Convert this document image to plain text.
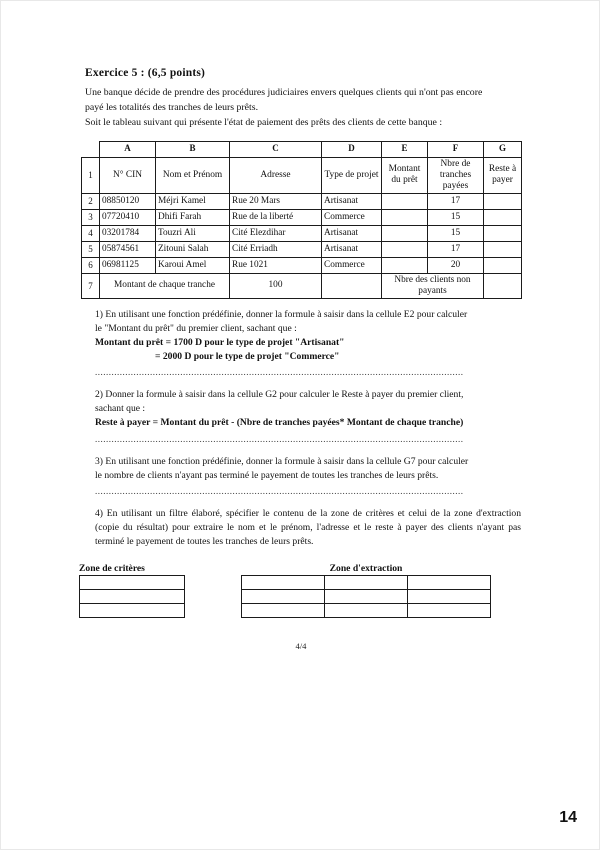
Exercice 5 : (6,5 points)
Une banque décide de prendre des procédures judiciaires envers quelques clients qui n'ont pas encore
payé les totalités des tranches de leurs prêts.
Soit le tableau suivant qui présente l'état de paiement des prêts des clients de cette banque :
	A	B	C	D	E	F	G
1	N° CIN	Nom et Prénom	Adresse	Type de projet	Montant du prêt	Nbre de tranches payées	Reste à payer
2	08850120	Méjri Kamel	Rue 20 Mars	Artisanat		17	
3	07720410	Dhifi Farah	Rue de la liberté	Commerce		15	
4	03201784	Touzri Ali	Cité Elezdihar	Artisanat		15	
5	05874561	Zitouni Salah	Cité Erriadh	Artisanat		17	
6	06981125	Karoui Amel	Rue 1021	Commerce		20	
7	Montant de chaque tranche		100		Nbre des clients non payants		

1) En utilisant une fonction prédéfinie, donner la formule à saisir dans la cellule E2 pour calculer
le "Montant du prêt" du premier client, sachant que :
Montant du prêt = 1700 D pour le type de projet "Artisanat"
= 2000 D pour le type de projet "Commerce"

......................................................................................................................................

2) Donner la formule à saisir dans la cellule G2 pour calculer le Reste à payer du premier client,
sachant que :
Reste à payer = Montant du prêt - (Nbre de tranches payées* Montant de chaque tranche)

......................................................................................................................................

3) En utilisant une fonction prédéfinie, donner la formule à saisir dans la cellule G7 pour calculer
le nombre de clients n'ayant pas terminé le payement de toutes les tranches de leurs prêts.

......................................................................................................................................

4) En utilisant un filtre élaboré, spécifier le contenu de la zone de critères et celui de la zone d'extraction (copie du résultat) pour extraire le nom et le prénom, l'adresse et le reste à payer des clients n'ayant pas terminé le payement de toutes les tranches de leurs prêts.

Zone de critères	Zone d'extraction

4/4
14
